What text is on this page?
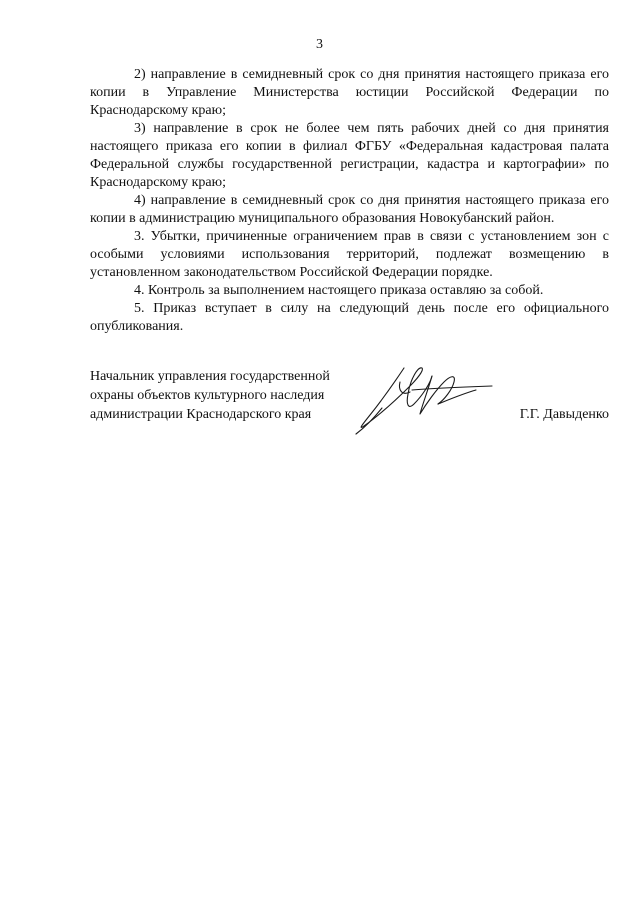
3

2) направление в семидневный срок со дня принятия настоящего приказа его копии в Управление Министерства юстиции Российской Федерации по Краснодарскому краю;

3) направление в срок не более чем пять рабочих дней со дня принятия настоящего приказа его копии в филиал ФГБУ «Федеральная кадастровая палата Федеральной службы государственной регистрации, кадастра и картографии» по Краснодарскому краю;

4) направление в семидневный срок со дня принятия настоящего приказа его копии в администрацию муниципального образования Новокубанский район.

3. Убытки, причиненные ограничением прав в связи с установлением зон с особыми условиями использования территорий, подлежат возмещению в установленном законодательством Российской Федерации порядке.

4. Контроль за выполнением настоящего приказа оставляю за собой.

5. Приказ вступает в силу на следующий день после его официального опубликования.

Начальник управления государственной
охраны объектов культурного наследия
администрации Краснодарского края	Г.Г. Давыденко
